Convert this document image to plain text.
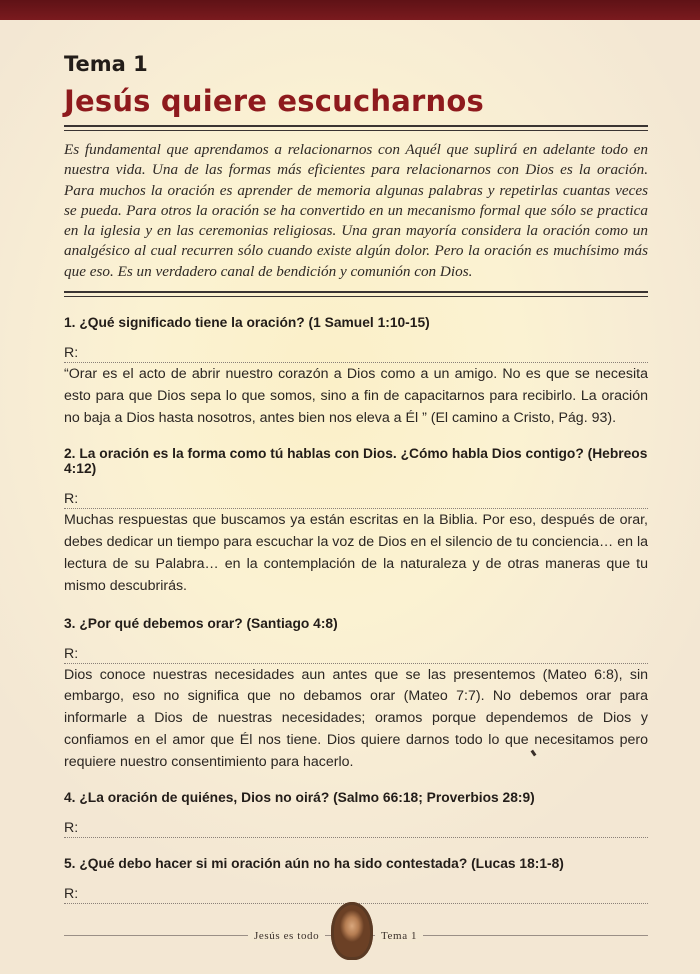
Tema 1
Jesús quiere escucharnos

Es fundamental que aprendamos a relacionarnos con Aquél que suplirá en adelante todo en nuestra vida. Una de las formas más eficientes para relacionarnos con Dios es la oración. Para muchos la oración es aprender de memoria algunas palabras y repetirlas cuantas veces se pueda. Para otros la oración se ha convertido en un mecanismo formal que sólo se practica en la iglesia y en las ceremonias religiosas. Una gran mayoría considera la oración como un analgésico al cual recurren sólo cuando existe algún dolor. Pero la oración es muchísimo más que eso. Es un verdadero canal de bendición y comunión con Dios.

1. ¿Qué significado tiene la oración? (1 Samuel 1:10-15)

R:

“Orar es el acto de abrir nuestro corazón a Dios como a un amigo. No es que se necesita esto para que Dios sepa lo que somos, sino a fin de capacitarnos para recibirlo. La oración no baja a Dios hasta nosotros, antes bien nos eleva a Él ” (El camino a Cristo, Pág. 93).

2. La oración es la forma como tú hablas con Dios. ¿Cómo habla Dios contigo? (Hebreos 4:12)

R:

Muchas respuestas que buscamos ya están escritas en la Biblia. Por eso, después de orar, debes dedicar un tiempo para escuchar la voz de Dios en el silencio de tu conciencia… en la lectura de su Palabra… en la contemplación de la naturaleza y de otras maneras que tu mismo descubrirás.

3. ¿Por qué debemos orar? (Santiago 4:8)

R:

Dios conoce nuestras necesidades aun antes que se las presentemos (Mateo 6:8), sin embargo, eso no significa que no debamos orar (Mateo 7:7). No debemos orar para informarle a Dios de nuestras necesidades; oramos porque dependemos de Dios y confiamos en el amor que Él nos tiene. Dios quiere darnos todo lo que necesitamos pero requiere nuestro consentimiento para hacerlo.

4. ¿La oración de quiénes, Dios no oirá? (Salmo 66:18; Proverbios 28:9)

R:

5. ¿Qué debo hacer si mi oración aún no ha sido contestada? (Lucas 18:1-8)

R:
Jesús es todo	Tema 1
